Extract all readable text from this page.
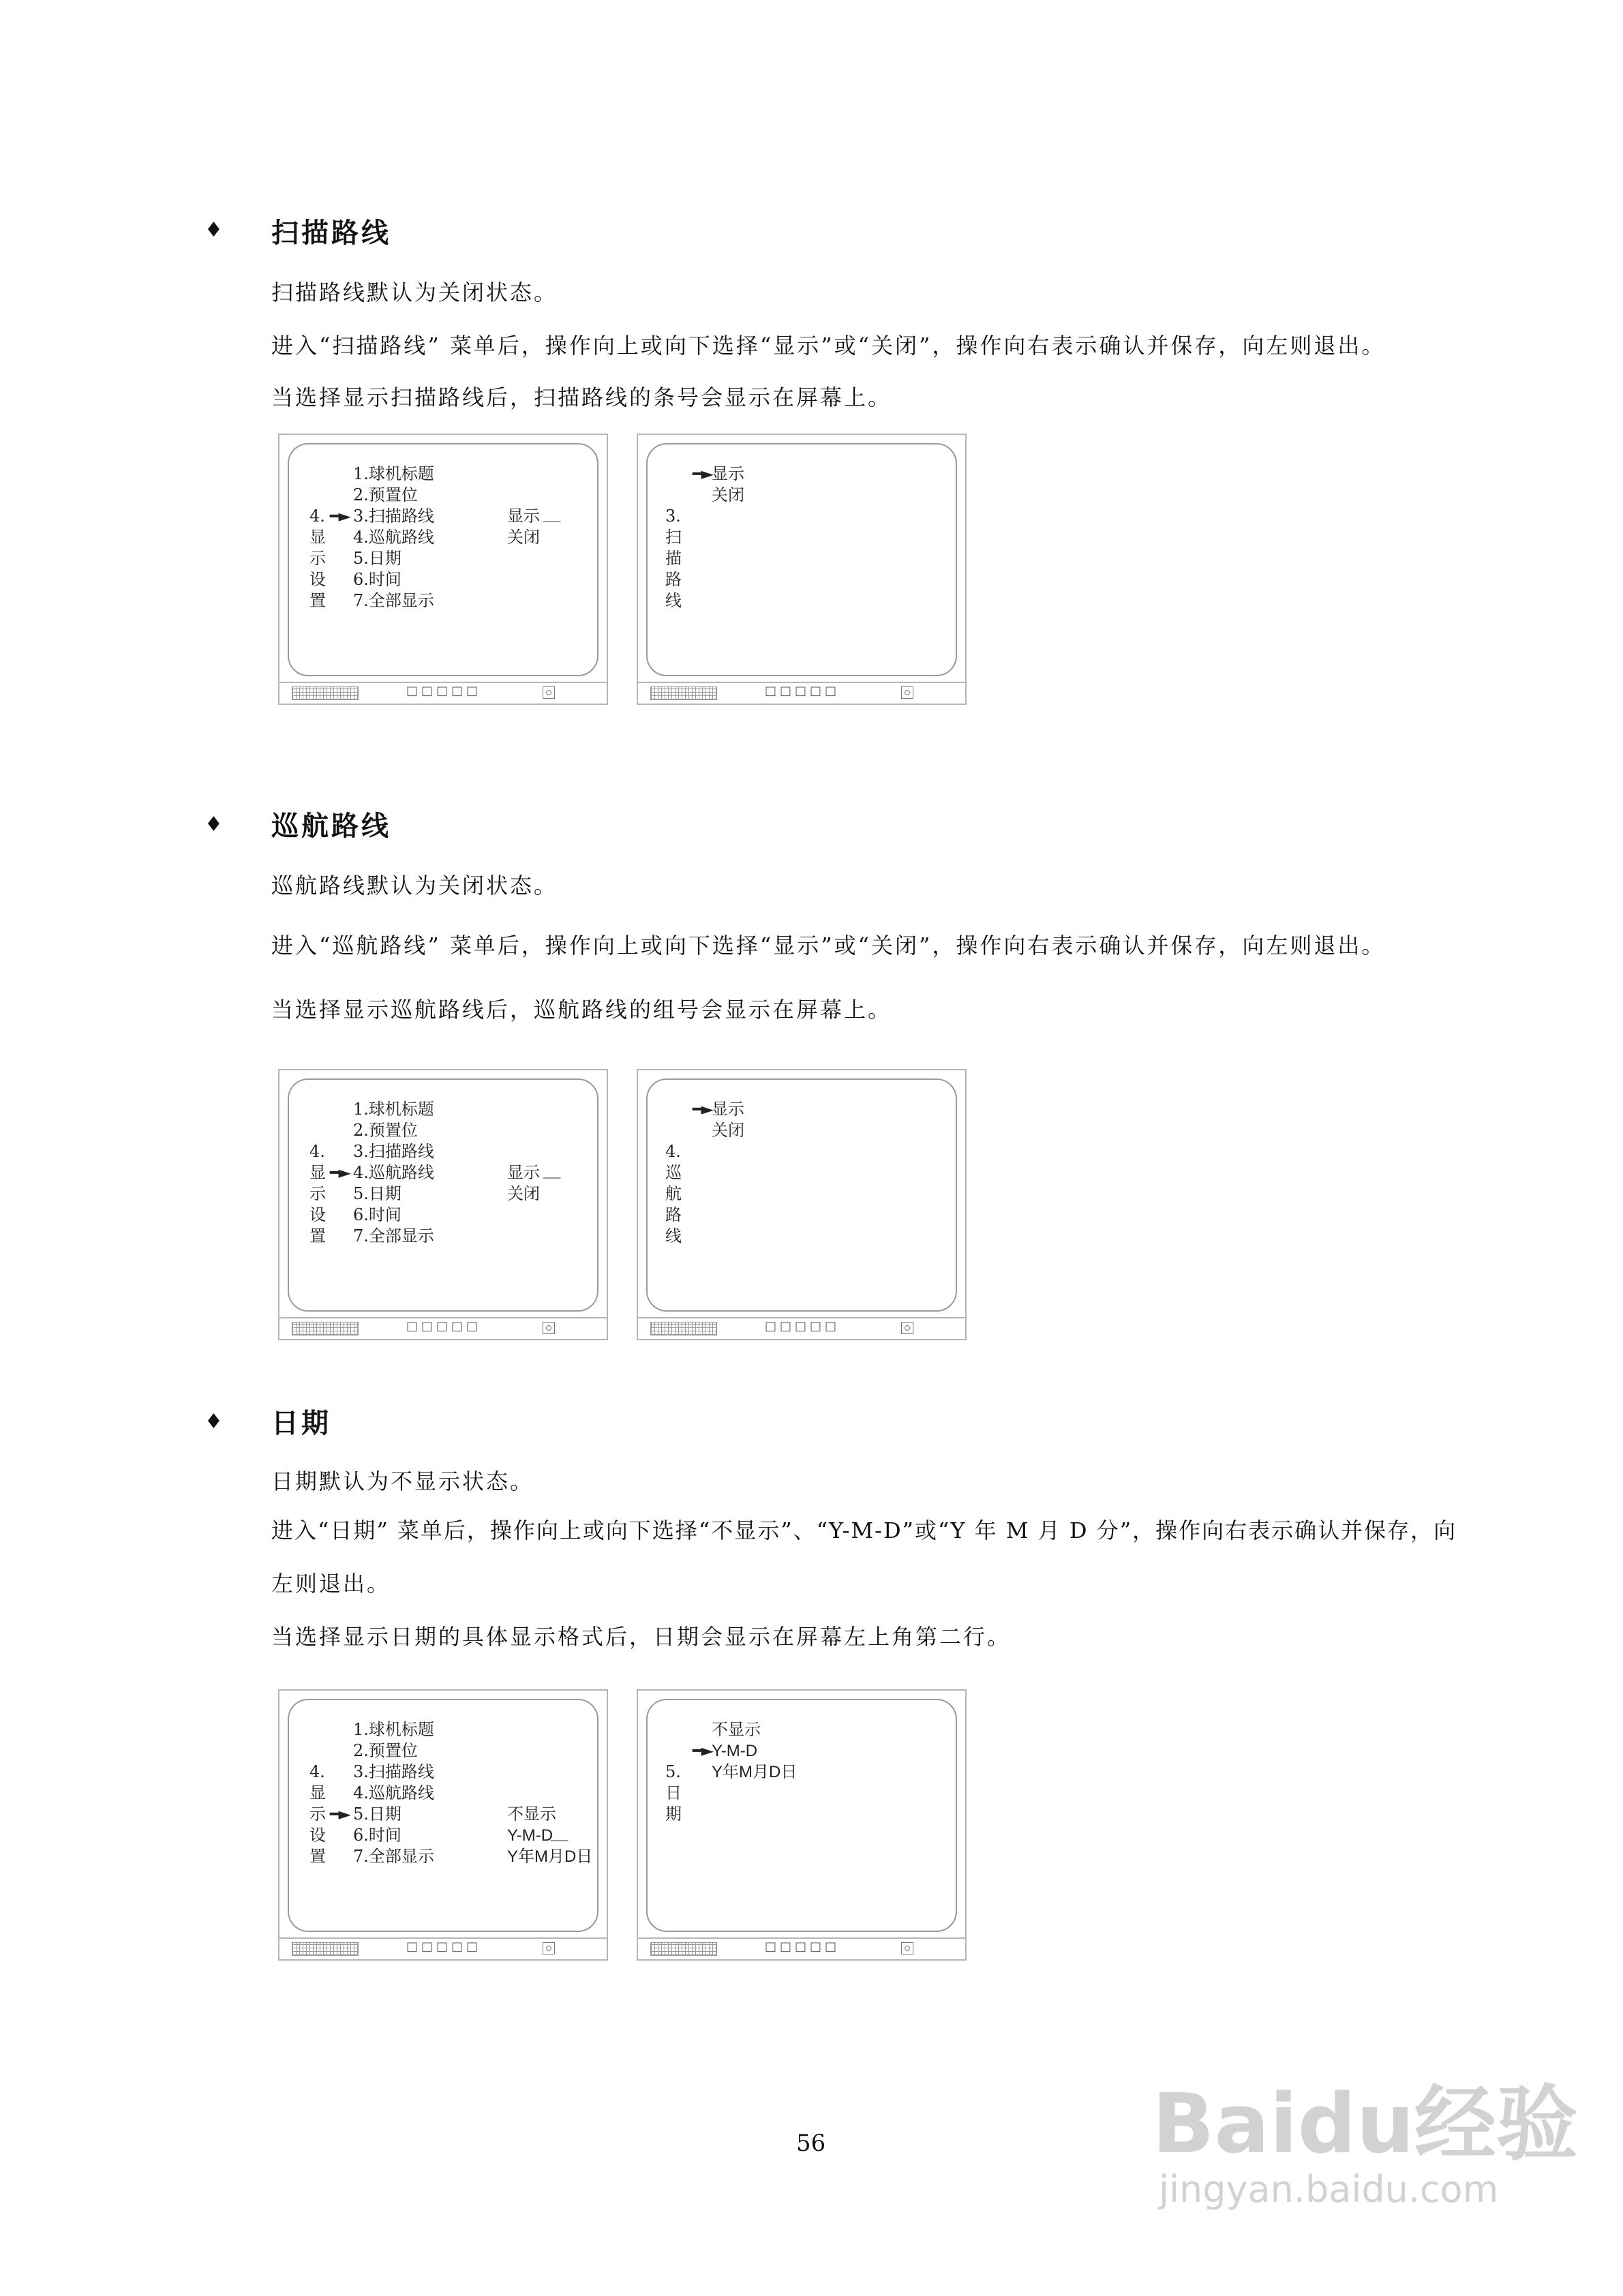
♦ 扫描路线
扫描路线默认为关闭状态。
进入“扫描路线” 菜单后，操作向上或向下选择“显示”或“关闭”，操作向右表示确认并保存，向左则退出。
当选择显示扫描路线后，扫描路线的条号会显示在屏幕上。
1.球机标题
2.预置位
3.扫描路线
4.巡航路线
5.日期
6.时间
7.全部显示
━►
4.
显
示
设
置
显示
关闭
□□□□□
━► 显示
关闭
3.
扫
描
路
线
□□□□□
♦ 巡航路线
巡航路线默认为关闭状态。
进入“巡航路线” 菜单后，操作向上或向下选择“显示”或“关闭”，操作向右表示确认并保存，向左则退出。
当选择显示巡航路线后，巡航路线的组号会显示在屏幕上。
1.球机标题
2.预置位
3.扫描路线
4.巡航路线
5.日期
6.时间
7.全部显示
━►
4.
显
示
设
置
显示
关闭
□□□□□
━► 显示
关闭
4.
巡
航
路
线
□□□□□
♦ 日期
日期默认为不显示状态。
进入“日期” 菜单后，操作向上或向下选择“不显示”、“Y-M-D”或“Y 年 M 月 D 分”，操作向右表示确认并保存，向
左则退出。
当选择显示日期的具体显示格式后，日期会显示在屏幕左上角第二行。
1.球机标题
2.预置位
3.扫描路线
4.巡航路线
5.日期
6.时间
7.全部显示
━►
4.
显
示
设
置
不显示
Y-M-D
Y年M月D日
□□□□□
不显示
Y-M-D
Y年M月D日
━►
5.
日
期
□□□□□
56	Baidu经验
jingyan.baidu.com
